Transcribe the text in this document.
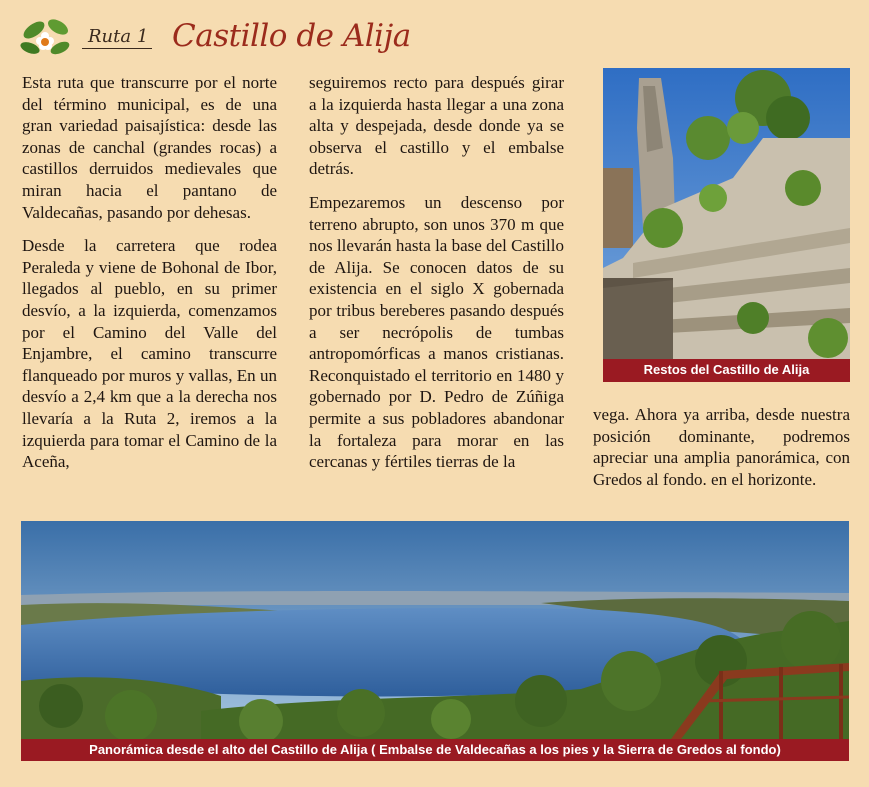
Ruta 1 Castillo de Alija

Esta ruta que transcurre por el norte del término municipal, es de una gran variedad paisajística: desde las zonas de canchal (grandes rocas) a castillos derruidos medievales que miran hacia el pantano de Valdecañas, pasando por dehesas.

Desde la carretera que rodea Peraleda y viene de Bohonal de Ibor, llegados al pueblo, en su primer desvío, a la izquierda, comenzamos por el Camino del Valle del Enjambre, el camino transcurre flanqueado por muros y vallas, En un desvío a 2,4 km que a la derecha nos llevaría a la Ruta 2, iremos a la izquierda para tomar el Camino de la Aceña,

seguiremos recto para después girar a la izquierda hasta llegar a una zona alta y despejada, desde donde ya se observa el castillo y el embalse detrás.

Empezaremos un descenso por terreno abrupto, son unos 370 m que nos llevarán hasta la base del Castillo de Alija. Se conocen datos de su existencia en el siglo X gobernada por tribus bereberes pasando después a ser necrópolis de tumbas antropomórficas a manos cristianas. Reconquistado el territorio en 1480 y gobernado por D. Pedro de Zúñiga permite a sus pobladores abandonar la fortaleza para morar en las cercanas y fértiles tierras de la

vega. Ahora ya arriba, desde nuestra posición dominante, podremos apreciar una amplia panorámica, con Gredos al fondo. en el horizonte.

Restos del Castillo de Alija
Panorámica desde el alto del Castillo de Alija ( Embalse de Valdecañas a los pies y la Sierra de Gredos al fondo)
